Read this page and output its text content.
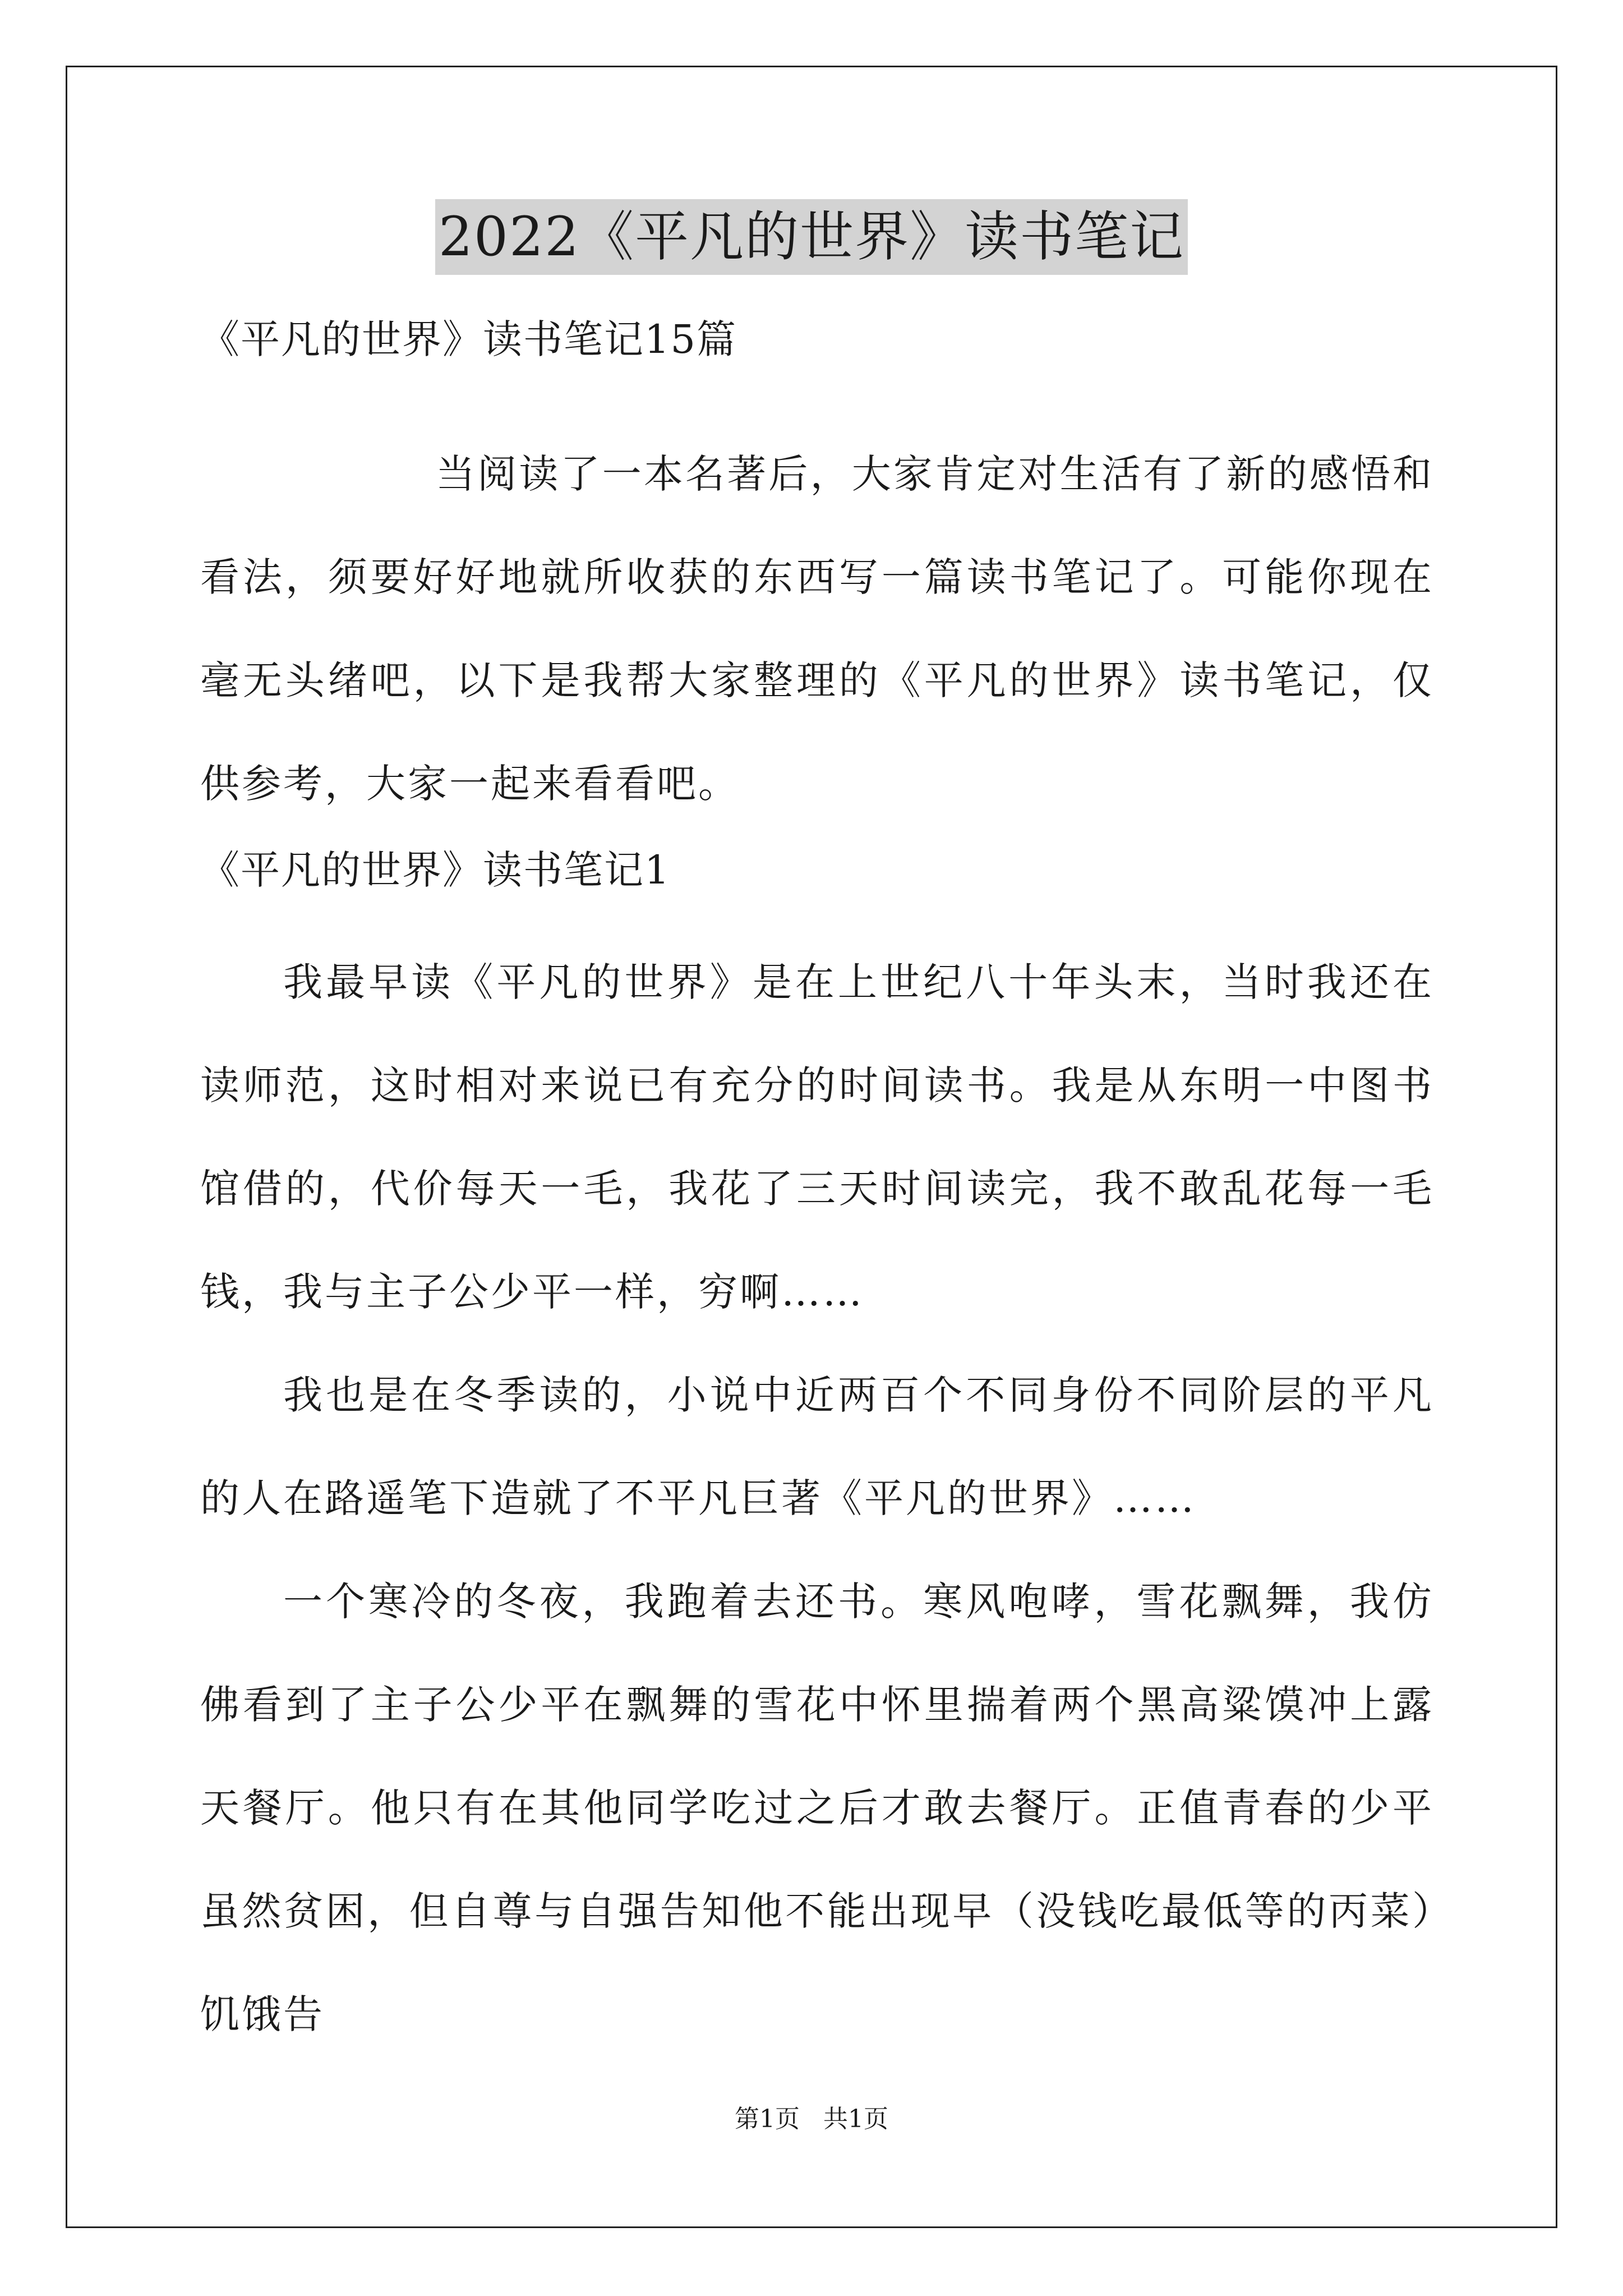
2022《平凡的世界》读书笔记

《平凡的世界》读书笔记15篇

当阅读了一本名著后，大家肯定对生活有了新的感悟和看法，须要好好地就所收获的东西写一篇读书笔记了。可能你现在毫无头绪吧，以下是我帮大家整理的《平凡的世界》读书笔记，仅供参考，大家一起来看看吧。

《平凡的世界》读书笔记1

我最早读《平凡的世界》是在上世纪八十年头末，当时我还在读师范，这时相对来说已有充分的时间读书。我是从东明一中图书馆借的，代价每天一毛，我花了三天时间读完，我不敢乱花每一毛钱，我与主子公少平一样，穷啊……

我也是在冬季读的，小说中近两百个不同身份不同阶层的平凡的人在路遥笔下造就了不平凡巨著《平凡的世界》……

一个寒冷的冬夜，我跑着去还书。寒风咆哮，雪花飘舞，我仿佛看到了主子公少平在飘舞的雪花中怀里揣着两个黑高粱馍冲上露天餐厅。他只有在其他同学吃过之后才敢去餐厅。正值青春的少平虽然贫困，但自尊与自强告知他不能出现早（没钱吃最低等的丙菜）饥饿告

第1页   共1页
